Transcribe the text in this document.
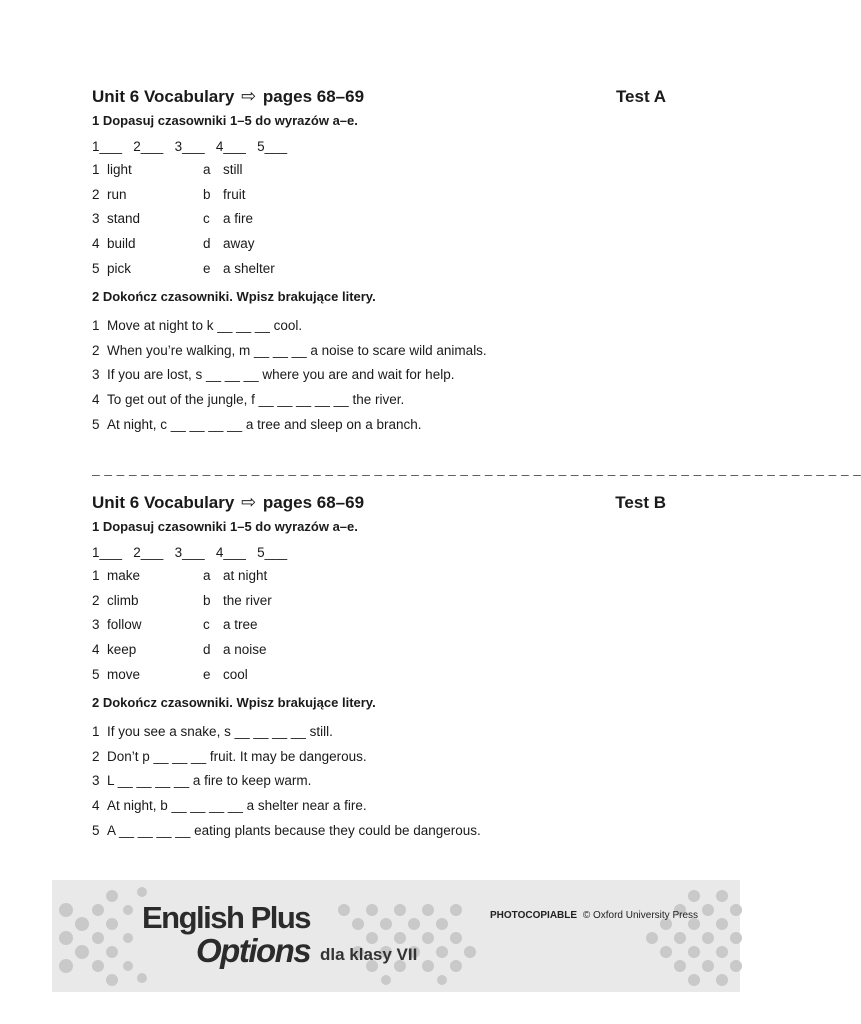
Unit 6 Vocabulary ⇨ pages 68–69	Test A
1 Dopasuj czasowniki 1–5 do wyrazów a–e.
1___   2___   3___   4___   5___
1 light	a still
2 run	b fruit
3 stand	c a fire
4 build	d away
5 pick	e a shelter
2 Dokończ czasowniki. Wpisz brakujące litery.
1 Move at night to k __ __ __ cool.
2 When you’re walking, m __ __ __ a noise to scare wild animals.
3 If you are lost, s __ __ __ where you are and wait for help.
4 To get out of the jungle, f __ __ __ __ __ the river.
5 At night, c __ __ __ __ a tree and sleep on a branch.
– – – – – – – – – – – – – – – – – – – – – – – – – – – – – – – – – – – – – – – – – – – – – – – – – – – – – – – – – – – – – – –
Unit 6 Vocabulary ⇨ pages 68–69	Test B
1 Dopasuj czasowniki 1–5 do wyrazów a–e.
1___   2___   3___   4___   5___
1 make	a at night
2 climb	b the river
3 follow	c a tree
4 keep	d a noise
5 move	e cool
2 Dokończ czasowniki. Wpisz brakujące litery.
1 If you see a snake, s __ __ __ __ still.
2 Don’t p __ __ __ fruit. It may be dangerous.
3 L __ __ __ __ a fire to keep warm.
4 At night, b __ __ __ __ a shelter near a fire.
5 A __ __ __ __ eating plants because they could be dangerous.
English Plus
Options dla klasy VII
PHOTOCOPIABLE © Oxford University Press
